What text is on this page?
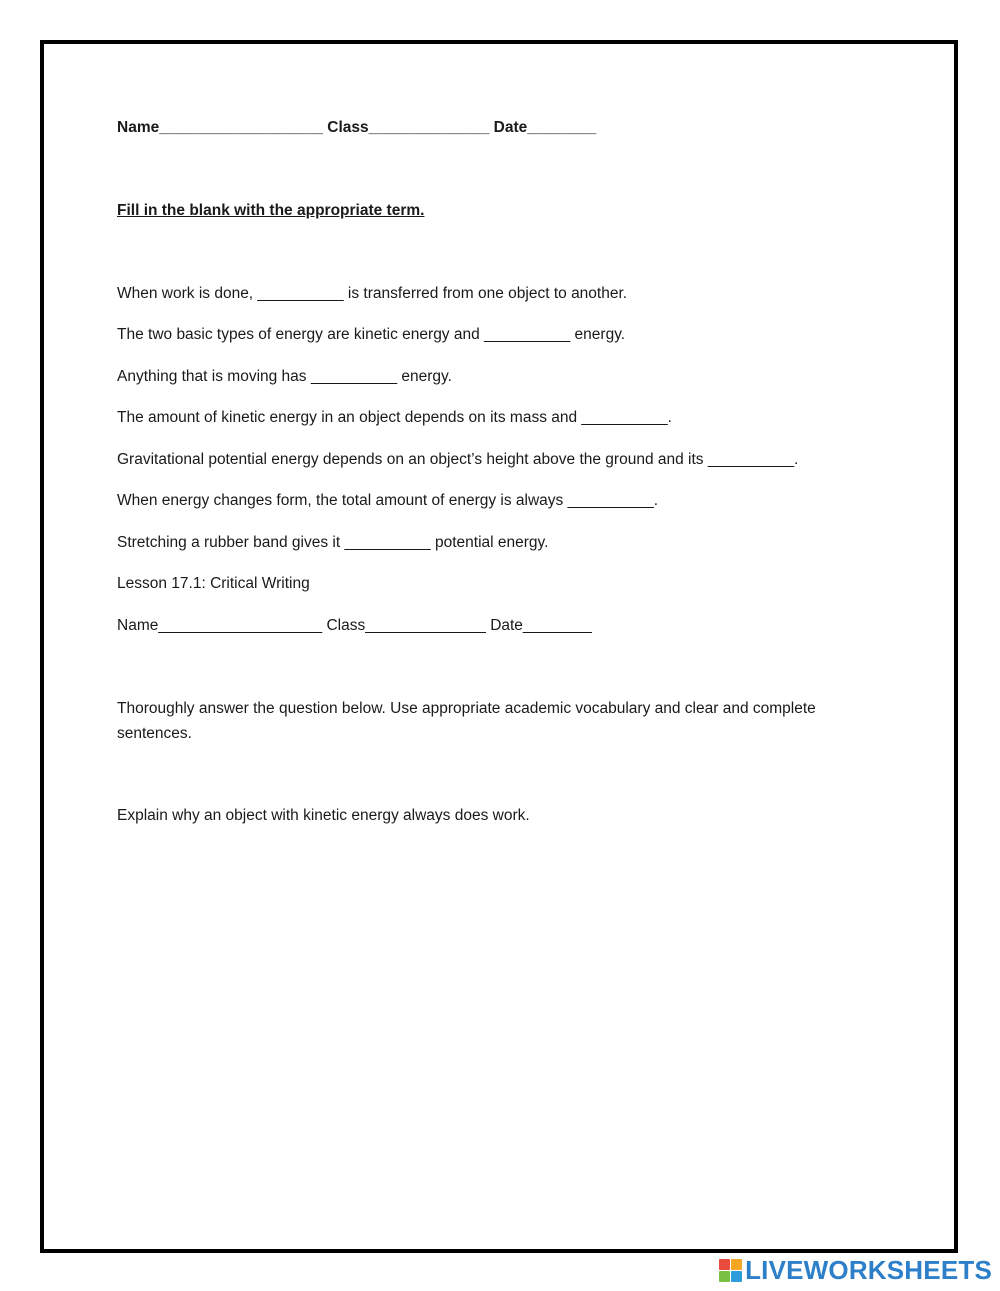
Name___________________ Class______________ Date________
Fill in the blank with the appropriate term.
When work is done, __________ is transferred from one object to another.
The two basic types of energy are kinetic energy and __________ energy.
Anything that is moving has __________ energy.
The amount of kinetic energy in an object depends on its mass and __________.
Gravitational potential energy depends on an object’s height above the ground and its __________.
When energy changes form, the total amount of energy is always __________.
Stretching a rubber band gives it __________ potential energy.
Lesson 17.1: Critical Writing
Name___________________ Class______________ Date________
Thoroughly answer the question below. Use appropriate academic vocabulary and clear and complete sentences.
Explain why an object with kinetic energy always does work.
LIVEWORKSHEETS
